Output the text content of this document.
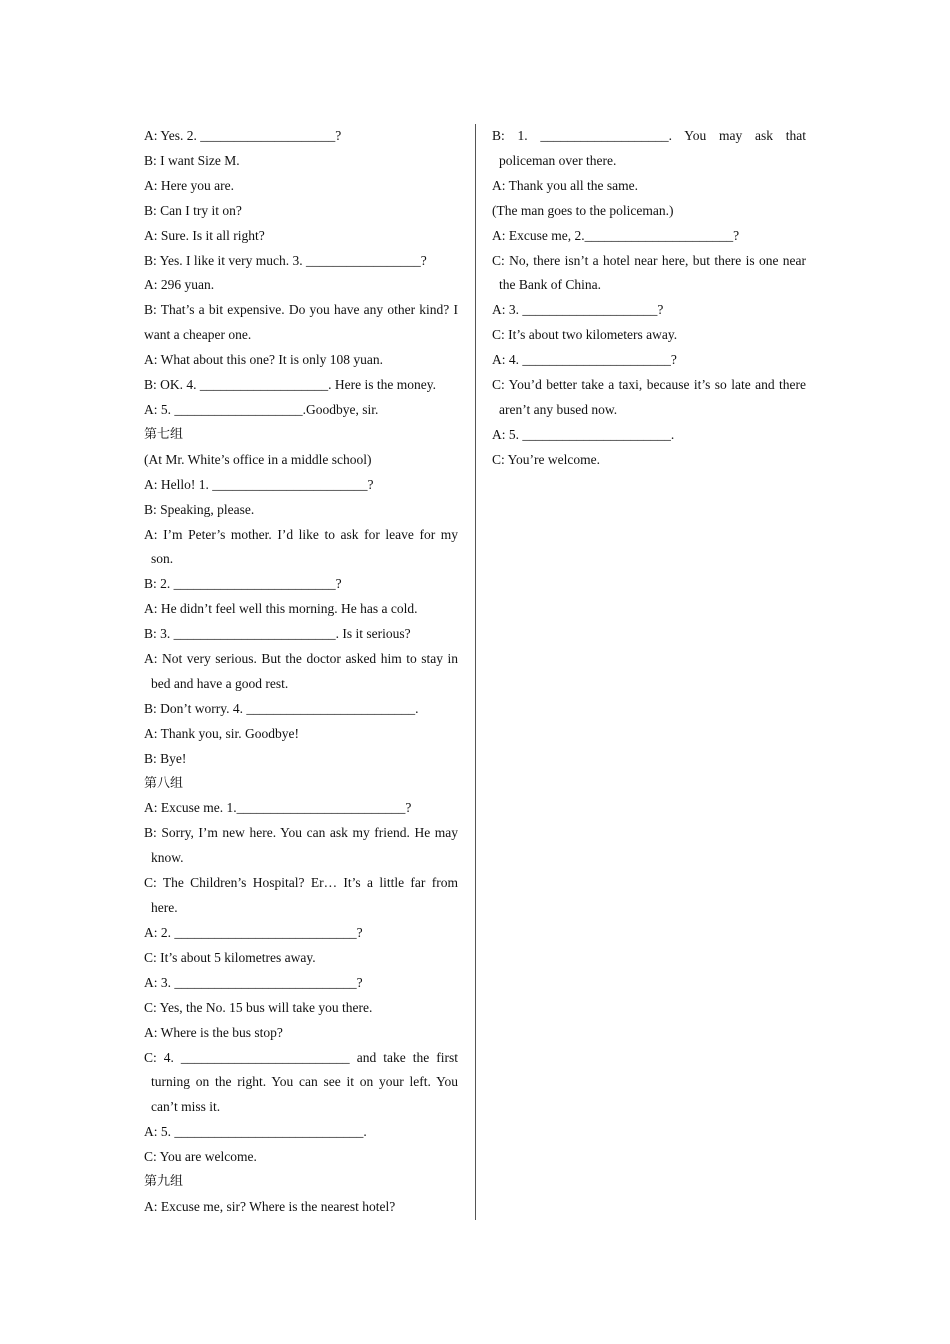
A: Yes. 2. ____________________?
B: I want Size M.
A: Here you are.
B: Can I try it on?
A: Sure. Is it all right?
B: Yes. I like it very much. 3. _________________?
A: 296 yuan.
B: That’s a bit expensive. Do you have any other kind? I want a cheaper one.
A: What about this one? It is only 108 yuan.
B: OK. 4. ___________________. Here is the money.
A: 5. ___________________.Goodbye, sir.
第七组
(At Mr. White’s office in a middle school)
A: Hello! 1. _______________________?
B: Speaking, please.
A: I’m Peter’s mother. I’d like to ask for leave for my son.
B: 2. ________________________?
A: He didn’t feel well this morning. He has a cold.
B: 3. ________________________. Is it serious?
A: Not very serious. But the doctor asked him to stay in bed and have a good rest.
B: Don’t worry. 4. _________________________.
A: Thank you, sir. Goodbye!
B: Bye!
第八组
A: Excuse me. 1._________________________?
B: Sorry, I’m new here. You can ask my friend. He may know.
C: The Children’s Hospital? Er… It’s a little far from here.
A: 2. ___________________________?
C: It’s about 5 kilometres away.
A: 3. ___________________________?
C: Yes, the No. 15 bus will take you there.
A: Where is the bus stop?
C: 4. _________________________ and take the first turning on the right. You can see it on your left. You can’t miss it.
A: 5. ____________________________.
C: You are welcome.
第九组
A: Excuse me, sir? Where is the nearest hotel?
B: 1. ___________________. You may ask that policeman over there.
A: Thank you all the same.
(The man goes to the policeman.)
A: Excuse me, 2.______________________?
C: No, there isn’t a hotel near here, but there is one near the Bank of China.
A: 3. ____________________?
C: It’s about two kilometers away.
A: 4. ______________________?
C: You’d better take a taxi, because it’s so late and there aren’t any bused now.
A: 5. ______________________.
C: You’re welcome.
